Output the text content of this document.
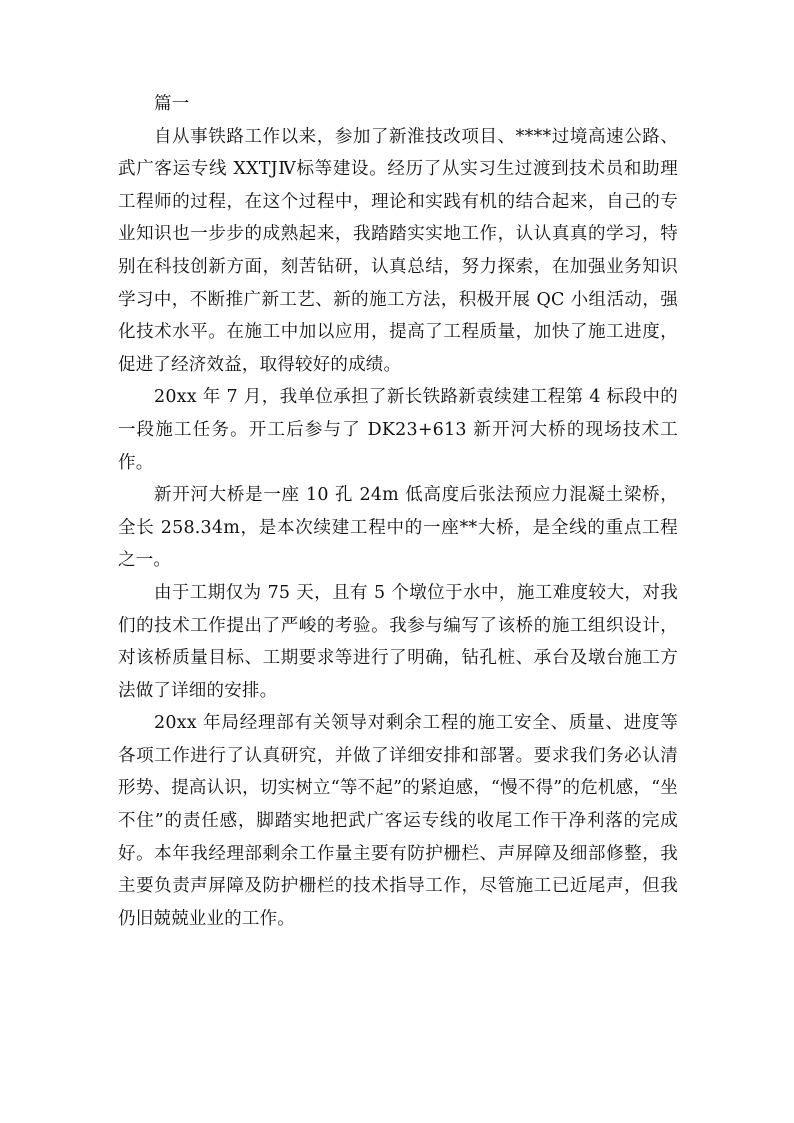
篇一

自从事铁路工作以来，参加了新淮技改项目、****过境高速公路、武广客运专线 XXTJⅣ标等建设。经历了从实习生过渡到技术员和助理工程师的过程，在这个过程中，理论和实践有机的结合起来，自己的专业知识也一步步的成熟起来，我踏踏实实地工作，认认真真的学习，特别在科技创新方面，刻苦钻研，认真总结，努力探索，在加强业务知识学习中，不断推广新工艺、新的施工方法，积极开展 QC 小组活动，强化技术水平。在施工中加以应用，提高了工程质量，加快了施工进度，促进了经济效益，取得较好的成绩。

20xx 年 7 月，我单位承担了新长铁路新袁续建工程第 4 标段中的一段施工任务。开工后参与了 DK23+613 新开河大桥的现场技术工作。

新开河大桥是一座 10 孔 24m 低高度后张法预应力混凝土梁桥，全长 258.34m，是本次续建工程中的一座**大桥，是全线的重点工程之一。

由于工期仅为 75 天，且有 5 个墩位于水中，施工难度较大，对我们的技术工作提出了严峻的考验。我参与编写了该桥的施工组织设计，对该桥质量目标、工期要求等进行了明确，钻孔桩、承台及墩台施工方法做了详细的安排。

20xx 年局经理部有关领导对剩余工程的施工安全、质量、进度等各项工作进行了认真研究，并做了详细安排和部署。要求我们务必认清形势、提高认识，切实树立“等不起”的紧迫感，“慢不得”的危机感，“坐不住”的责任感，脚踏实地把武广客运专线的收尾工作干净利落的完成好。本年我经理部剩余工作量主要有防护栅栏、声屏障及细部修整，我主要负责声屏障及防护栅栏的技术指导工作，尽管施工已近尾声，但我仍旧兢兢业业的工作。
